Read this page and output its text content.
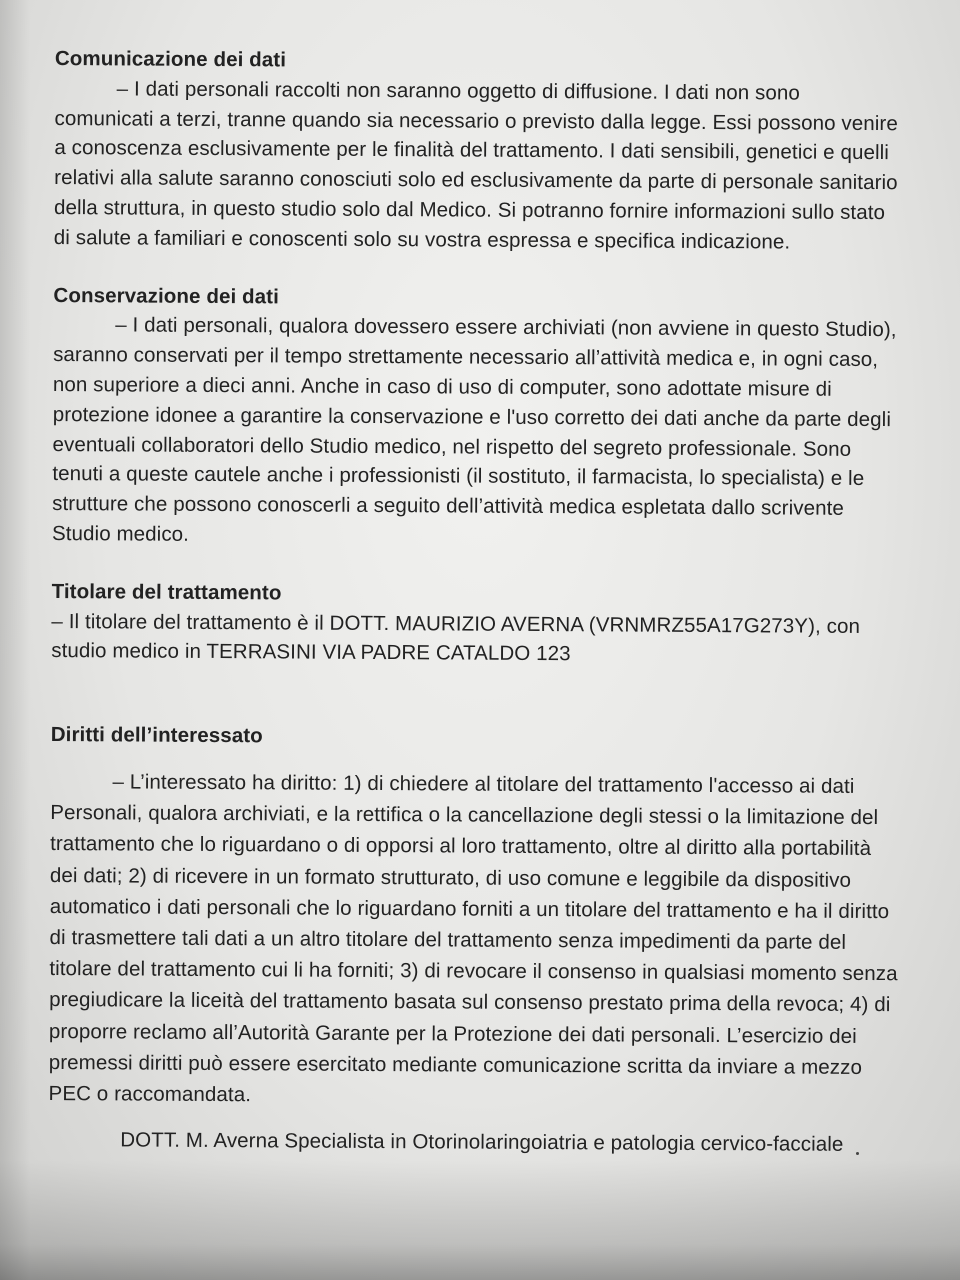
Comunicazione dei dati

– I dati personali raccolti non saranno oggetto di diffusione. I dati non sono comunicati a terzi, tranne quando sia necessario o previsto dalla legge. Essi possono venire a conoscenza esclusivamente per le finalità del trattamento. I dati sensibili, genetici e quelli relativi alla salute saranno conosciuti solo ed esclusivamente da parte di personale sanitario della struttura, in questo studio solo dal Medico. Si potranno fornire informazioni sullo stato di salute a familiari e conoscenti solo su vostra espressa e specifica indicazione.

Conservazione dei dati

– I dati personali, qualora dovessero essere archiviati (non avviene in questo Studio), saranno conservati per il tempo strettamente necessario all’attività medica e, in ogni caso, non superiore a dieci anni. Anche in caso di uso di computer, sono adottate misure di protezione idonee a garantire la conservazione e l'uso corretto dei dati anche da parte degli eventuali collaboratori dello Studio medico, nel rispetto del segreto professionale. Sono tenuti a queste cautele anche i professionisti (il sostituto, il farmacista, lo specialista) e le strutture che possono conoscerli a seguito dell’attività medica espletata dallo scrivente Studio medico.

Titolare del trattamento

– Il titolare del trattamento è il DOTT. MAURIZIO AVERNA (VRNMRZ55A17G273Y), con studio medico in TERRASINI VIA PADRE CATALDO 123

Diritti dell’interessato

– L’interessato ha diritto: 1) di chiedere al titolare del trattamento l'accesso ai dati Personali, qualora archiviati, e la rettifica o la cancellazione degli stessi o la limitazione del trattamento che lo riguardano o di opporsi al loro trattamento, oltre al diritto alla portabilità dei dati; 2) di ricevere in un formato strutturato, di uso comune e leggibile da dispositivo automatico i dati personali che lo riguardano forniti a un titolare del trattamento e ha il diritto di trasmettere tali dati a un altro titolare del trattamento senza impedimenti da parte del titolare del trattamento cui li ha forniti; 3) di revocare il consenso in qualsiasi momento senza pregiudicare la liceità del trattamento basata sul consenso prestato prima della revoca; 4) di proporre reclamo all’Autorità Garante per la Protezione dei dati personali. L’esercizio dei premessi diritti può essere esercitato mediante comunicazione scritta da inviare a mezzo PEC o raccomandata.

DOTT. M. Averna Specialista in Otorinolaringoiatria e patologia cervico-facciale
